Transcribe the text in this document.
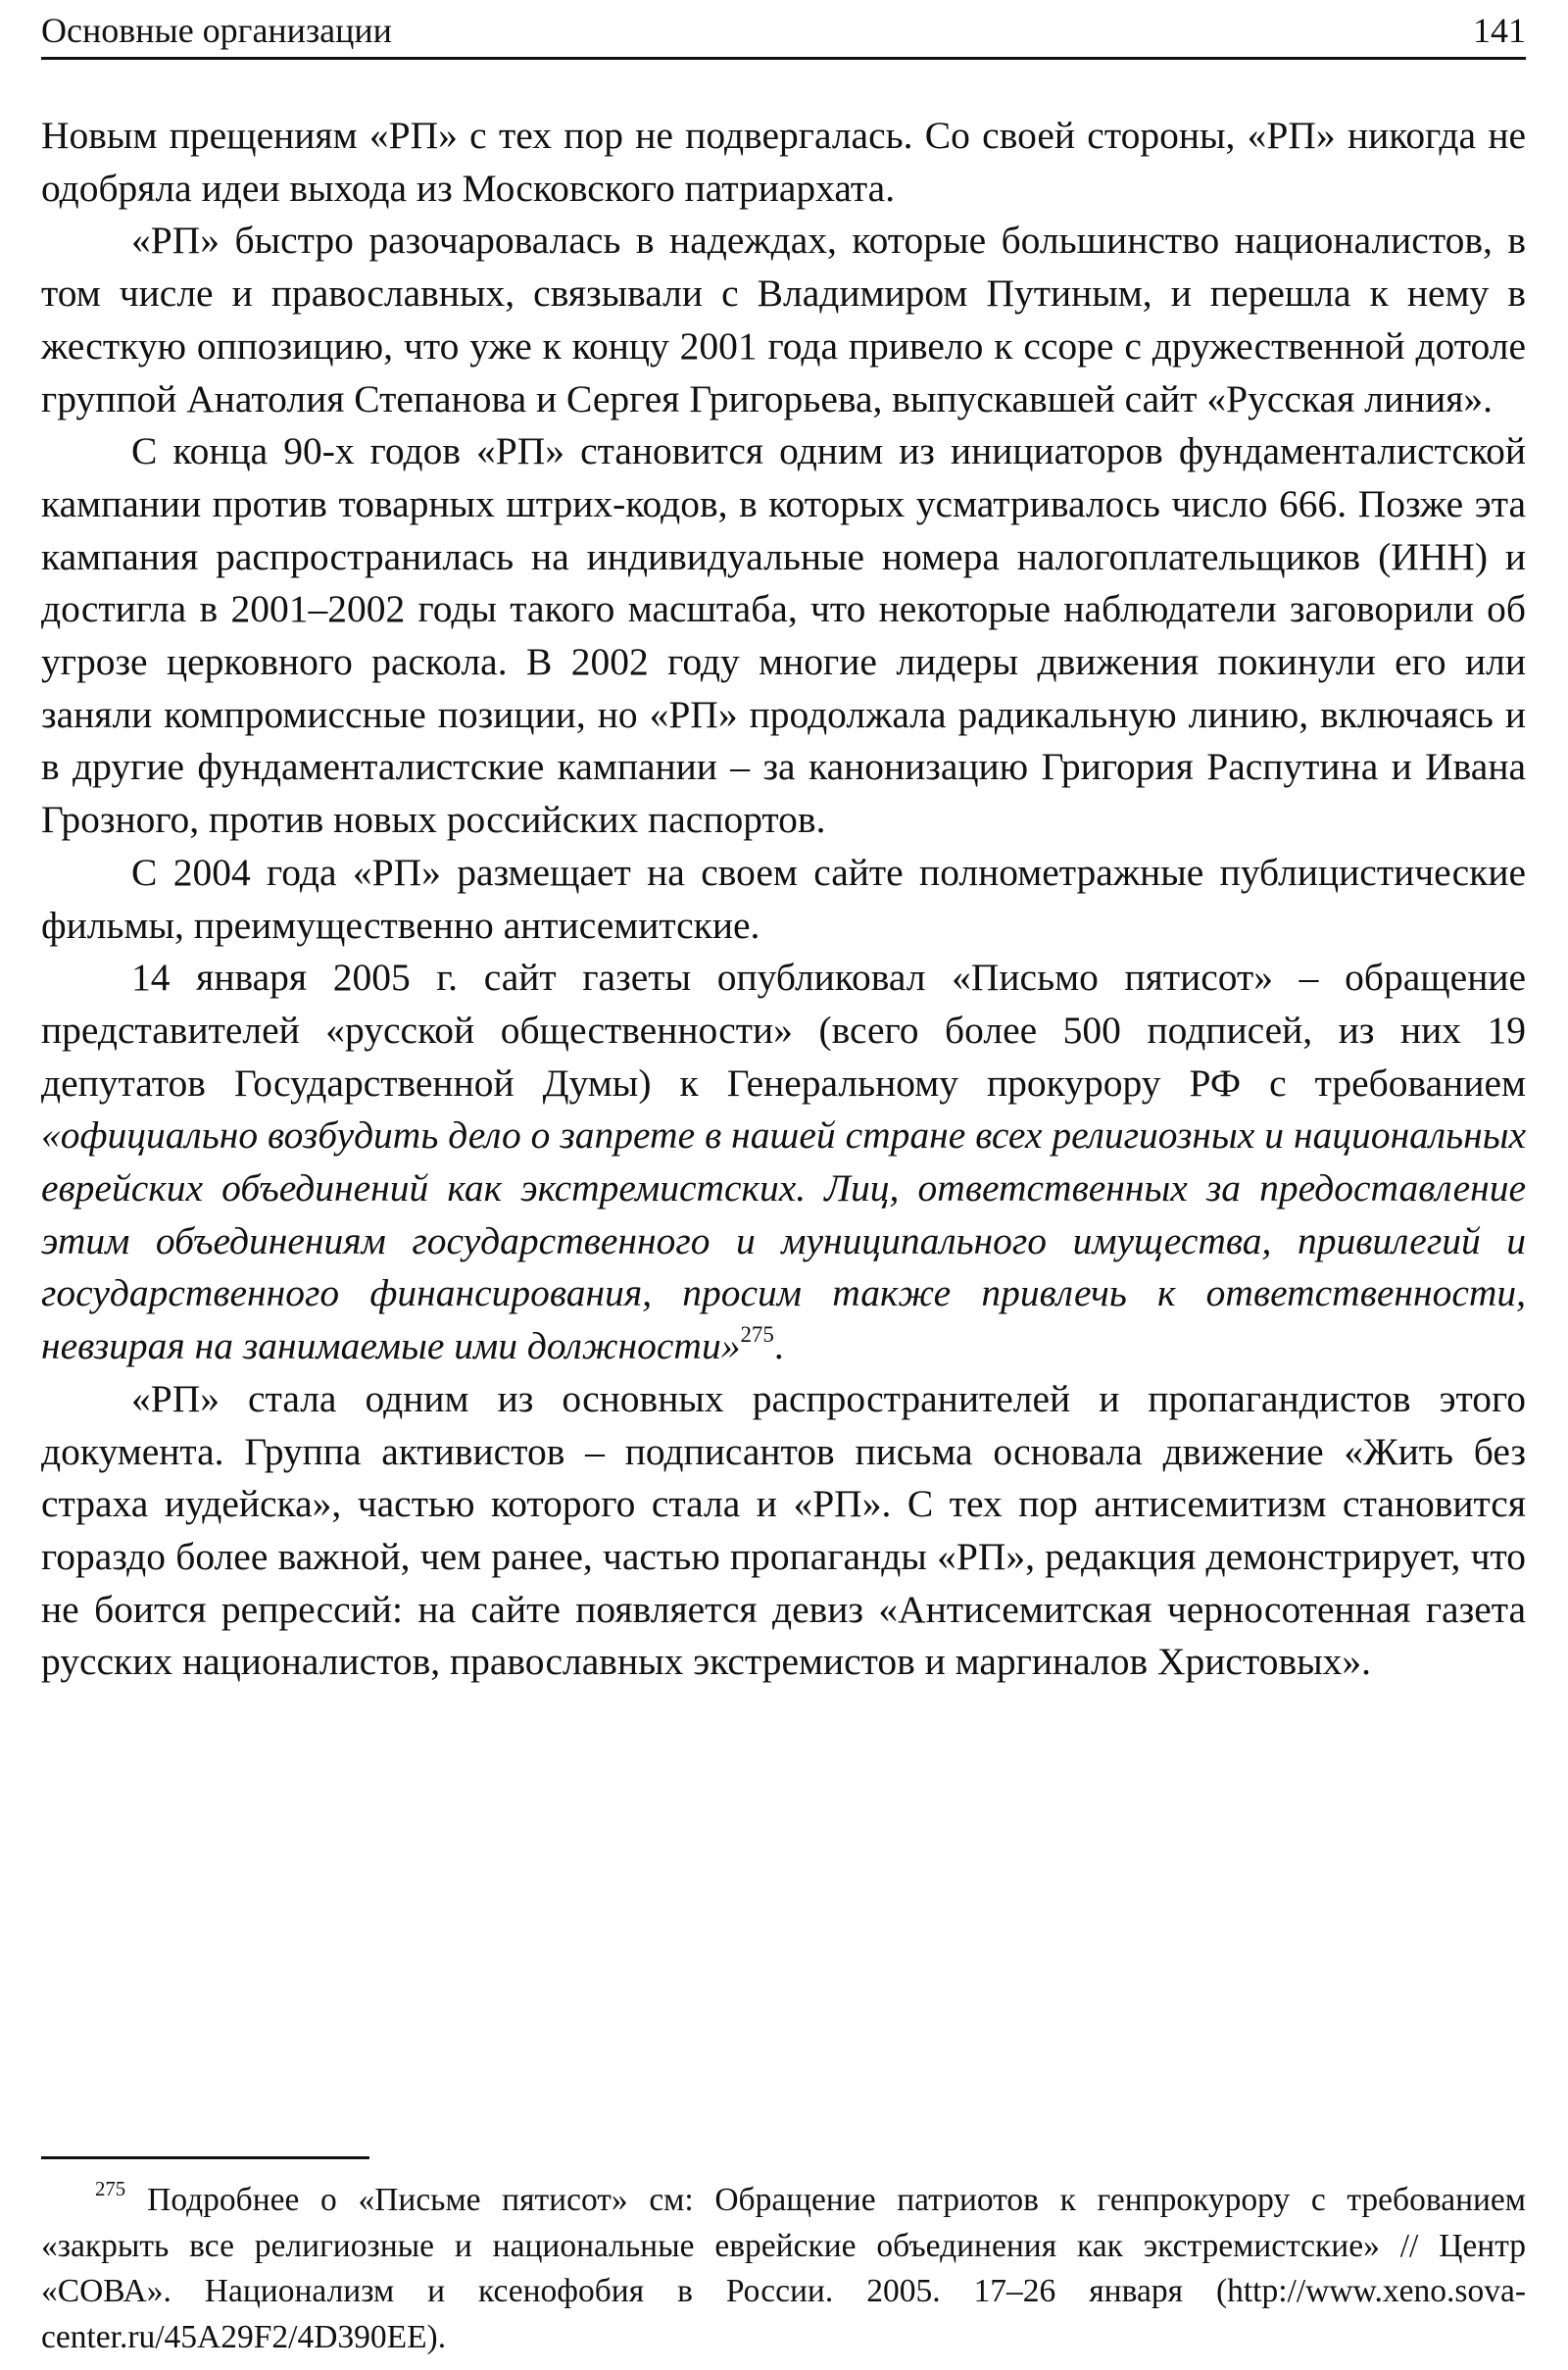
Основные организации	141

Новым прещениям «РП» с тех пор не подвергалась. Со своей стороны, «РП» никогда не одобряла идеи выхода из Московского патриархата.

«РП» быстро разочаровалась в надеждах, которые большинство националистов, в том числе и православных, связывали с Владимиром Путиным, и перешла к нему в жесткую оппозицию, что уже к концу 2001 года привело к ссоре с дружественной дотоле группой Анатолия Степанова и Сергея Григорьева, выпускавшей сайт «Русская линия».

С конца 90-х годов «РП» становится одним из инициаторов фундаменталистской кампании против товарных штрих-кодов, в которых усматривалось число 666. Позже эта кампания распространилась на индивидуальные номера налогоплательщиков (ИНН) и достигла в 2001–2002 годы такого масштаба, что некоторые наблюдатели заговорили об угрозе церковного раскола. В 2002 году многие лидеры движения покинули его или заняли компромиссные позиции, но «РП» продолжала радикальную линию, включаясь и в другие фундаменталистские кампании – за канонизацию Григория Распутина и Ивана Грозного, против новых российских паспортов.

С 2004 года «РП» размещает на своем сайте полнометражные публицистические фильмы, преимущественно антисемитские.

14 января 2005 г. сайт газеты опубликовал «Письмо пятисот» – обращение представителей «русской общественности» (всего более 500 подписей, из них 19 депутатов Государственной Думы) к Генеральному прокурору РФ с требованием «официально возбудить дело о запрете в нашей стране всех религиозных и национальных еврейских объединений как экстремистских. Лиц, ответственных за предоставление этим объединениям государственного и муниципального имущества, привилегий и государственного финансирования, просим также привлечь к ответственности, невзирая на занимаемые ими должности»$^{275}$.

«РП» стала одним из основных распространителей и пропагандистов этого документа. Группа активистов – подписантов письма основала движение «Жить без страха иудейска», частью которого стала и «РП». С тех пор антисемитизм становится гораздо более важной, чем ранее, частью пропаганды «РП», редакция демонстрирует, что не боится репрессий: на сайте появляется девиз «Антисемитская черносотенная газета русских националистов, православных экстремистов и маргиналов Христовых».

$^{275}$ Подробнее о «Письме пятисот» см: Обращение патриотов к генпрокурору с требованием «закрыть все религиозные и национальные еврейские объединения как экстремистские» // Центр «СОВА». Национализм и ксенофобия в России. 2005. 17–26 января (http://www.xeno.sova-center.ru/45A29F2/4D390EE).
